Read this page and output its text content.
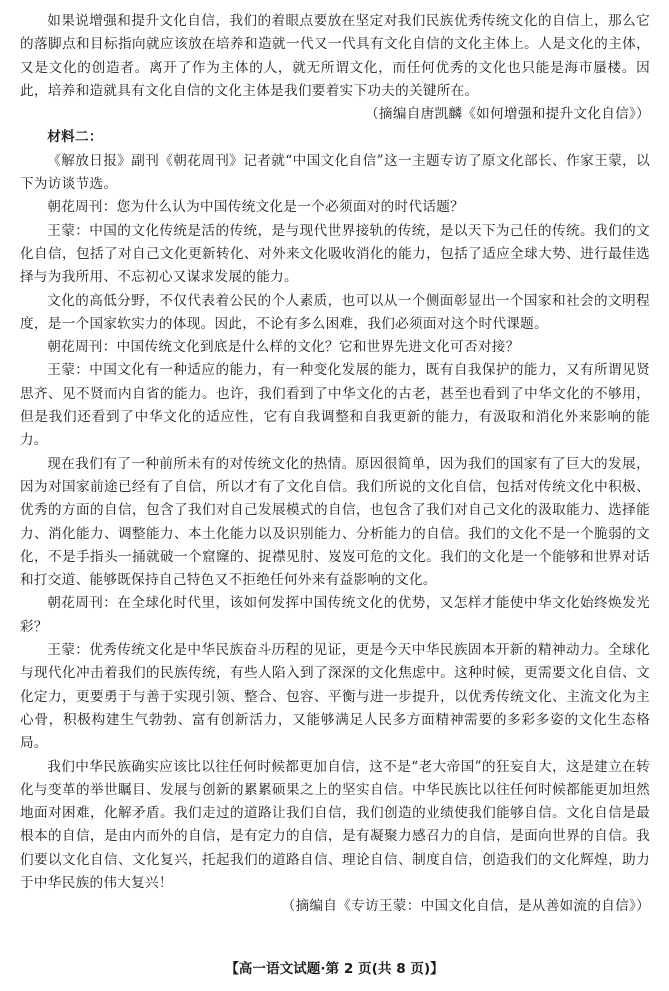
如果说增强和提升文化自信，我们的着眼点要放在坚定对我们民族优秀传统文化的自信上，那么它的落脚点和目标指向就应该放在培养和造就一代又一代具有文化自信的文化主体上。人是文化的主体，又是文化的创造者。离开了作为主体的人，就无所谓文化，而任何优秀的文化也只能是海市蜃楼。因此，培养和造就具有文化自信的文化主体是我们要着实下功夫的关键所在。

（摘编自唐凯麟《如何增强和提升文化自信》）

材料二：

《解放日报》副刊《朝花周刊》记者就“中国文化自信”这一主题专访了原文化部长、作家王蒙，以下为访谈节选。

朝花周刊：您为什么认为中国传统文化是一个必须面对的时代话题？

王蒙：中国的文化传统是活的传统，是与现代世界接轨的传统，是以天下为己任的传统。我们的文化自信，包括了对自己文化更新转化、对外来文化吸收消化的能力，包括了适应全球大势、进行最佳选择与为我所用、不忘初心又谋求发展的能力。

文化的高低分野，不仅代表着公民的个人素质，也可以从一个侧面彰显出一个国家和社会的文明程度，是一个国家软实力的体现。因此，不论有多么困难，我们必须面对这个时代课题。

朝花周刊：中国传统文化到底是什么样的文化？它和世界先进文化可否对接？

王蒙：中国文化有一种适应的能力，有一种变化发展的能力，既有自我保护的能力，又有所谓见贤思齐、见不贤而内自省的能力。也许，我们看到了中华文化的古老，甚至也看到了中华文化的不够用，但是我们还看到了中华文化的适应性，它有自我调整和自我更新的能力，有汲取和消化外来影响的能力。

现在我们有了一种前所未有的对传统文化的热情。原因很简单，因为我们的国家有了巨大的发展，因为对国家前途已经有了自信，所以才有了文化自信。我们所说的文化自信，包括对传统文化中积极、优秀的方面的自信，包含了我们对自己发展模式的自信，也包含了我们对自己文化的汲取能力、选择能力、消化能力、调整能力、本土化能力以及识别能力、分析能力的自信。我们的文化不是一个脆弱的文化，不是手指头一捅就破一个窟窿的、捉襟见肘、岌岌可危的文化。我们的文化是一个能够和世界对话和打交道、能够既保持自己特色又不拒绝任何外来有益影响的文化。

朝花周刊：在全球化时代里，该如何发挥中国传统文化的优势，又怎样才能使中华文化始终焕发光彩？

王蒙：优秀传统文化是中华民族奋斗历程的见证，更是今天中华民族固本开新的精神动力。全球化与现代化冲击着我们的民族传统，有些人陷入到了深深的文化焦虑中。这种时候，更需要文化自信、文化定力，更要勇于与善于实现引领、整合、包容、平衡与进一步提升，以优秀传统文化、主流文化为主心骨，积极构建生气勃勃、富有创新活力，又能够满足人民多方面精神需要的多彩多姿的文化生态格局。

我们中华民族确实应该比以往任何时候都更加自信，这不是“老大帝国”的狂妄自大，这是建立在转化与变革的举世瞩目、发展与创新的累累硕果之上的坚实自信。中华民族比以往任何时候都能更加坦然地面对困难，化解矛盾。我们走过的道路让我们自信，我们创造的业绩使我们能够自信。文化自信是最根本的自信，是由内而外的自信，是有定力的自信，是有凝聚力感召力的自信，是面向世界的自信。我们要以文化自信、文化复兴，托起我们的道路自信、理论自信、制度自信，创造我们的文化辉煌，助力于中华民族的伟大复兴！

（摘编自《专访王蒙：中国文化自信，是从善如流的自信》）

【高一语文试题·第 2 页(共 8 页)】
